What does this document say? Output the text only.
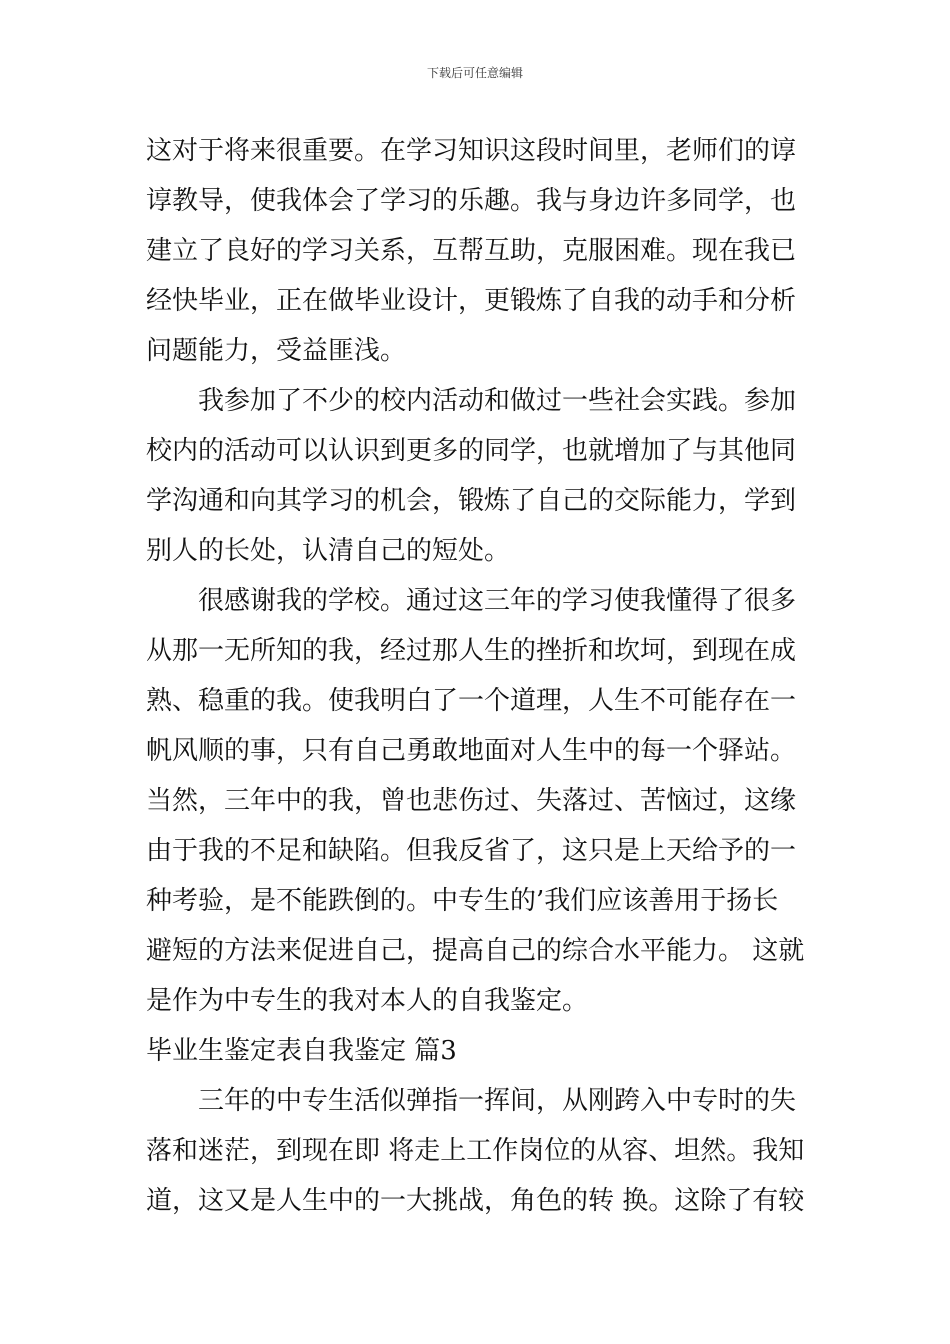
下载后可任意编辑
这对于将来很重要。在学习知识这段时间里，老师们的谆
谆教导，使我体会了学习的乐趣。我与身边许多同学，也
建立了良好的学习关系，互帮互助，克服困难。现在我已
经快毕业，正在做毕业设计，更锻炼了自我的动手和分析
问题能力，受益匪浅。
我参加了不少的校内活动和做过一些社会实践。参加
校内的活动可以认识到更多的同学，也就增加了与其他同
学沟通和向其学习的机会，锻炼了自己的交际能力，学到
别人的长处，认清自己的短处。
很感谢我的学校。通过这三年的学习使我懂得了很多
从那一无所知的我，经过那人生的挫折和坎坷，到现在成
熟、稳重的我。使我明白了一个道理，人生不可能存在一
帆风顺的事，只有自己勇敢地面对人生中的每一个驿站。
当然，三年中的我，曾也悲伤过、失落过、苦恼过，这缘
由于我的不足和缺陷。但我反省了，这只是上天给予的一
种考验，是不能跌倒的。中专生的’我们应该善用于扬长
避短的方法来促进自己，提高自己的综合水平能力。 这就
是作为中专生的我对本人的自我鉴定。
毕业生鉴定表自我鉴定 篇3
三年的中专生活似弹指一挥间，从刚跨入中专时的失
落和迷茫，到现在即 将走上工作岗位的从容、坦然。我知
道，这又是人生中的一大挑战，角色的转 换。这除了有较
